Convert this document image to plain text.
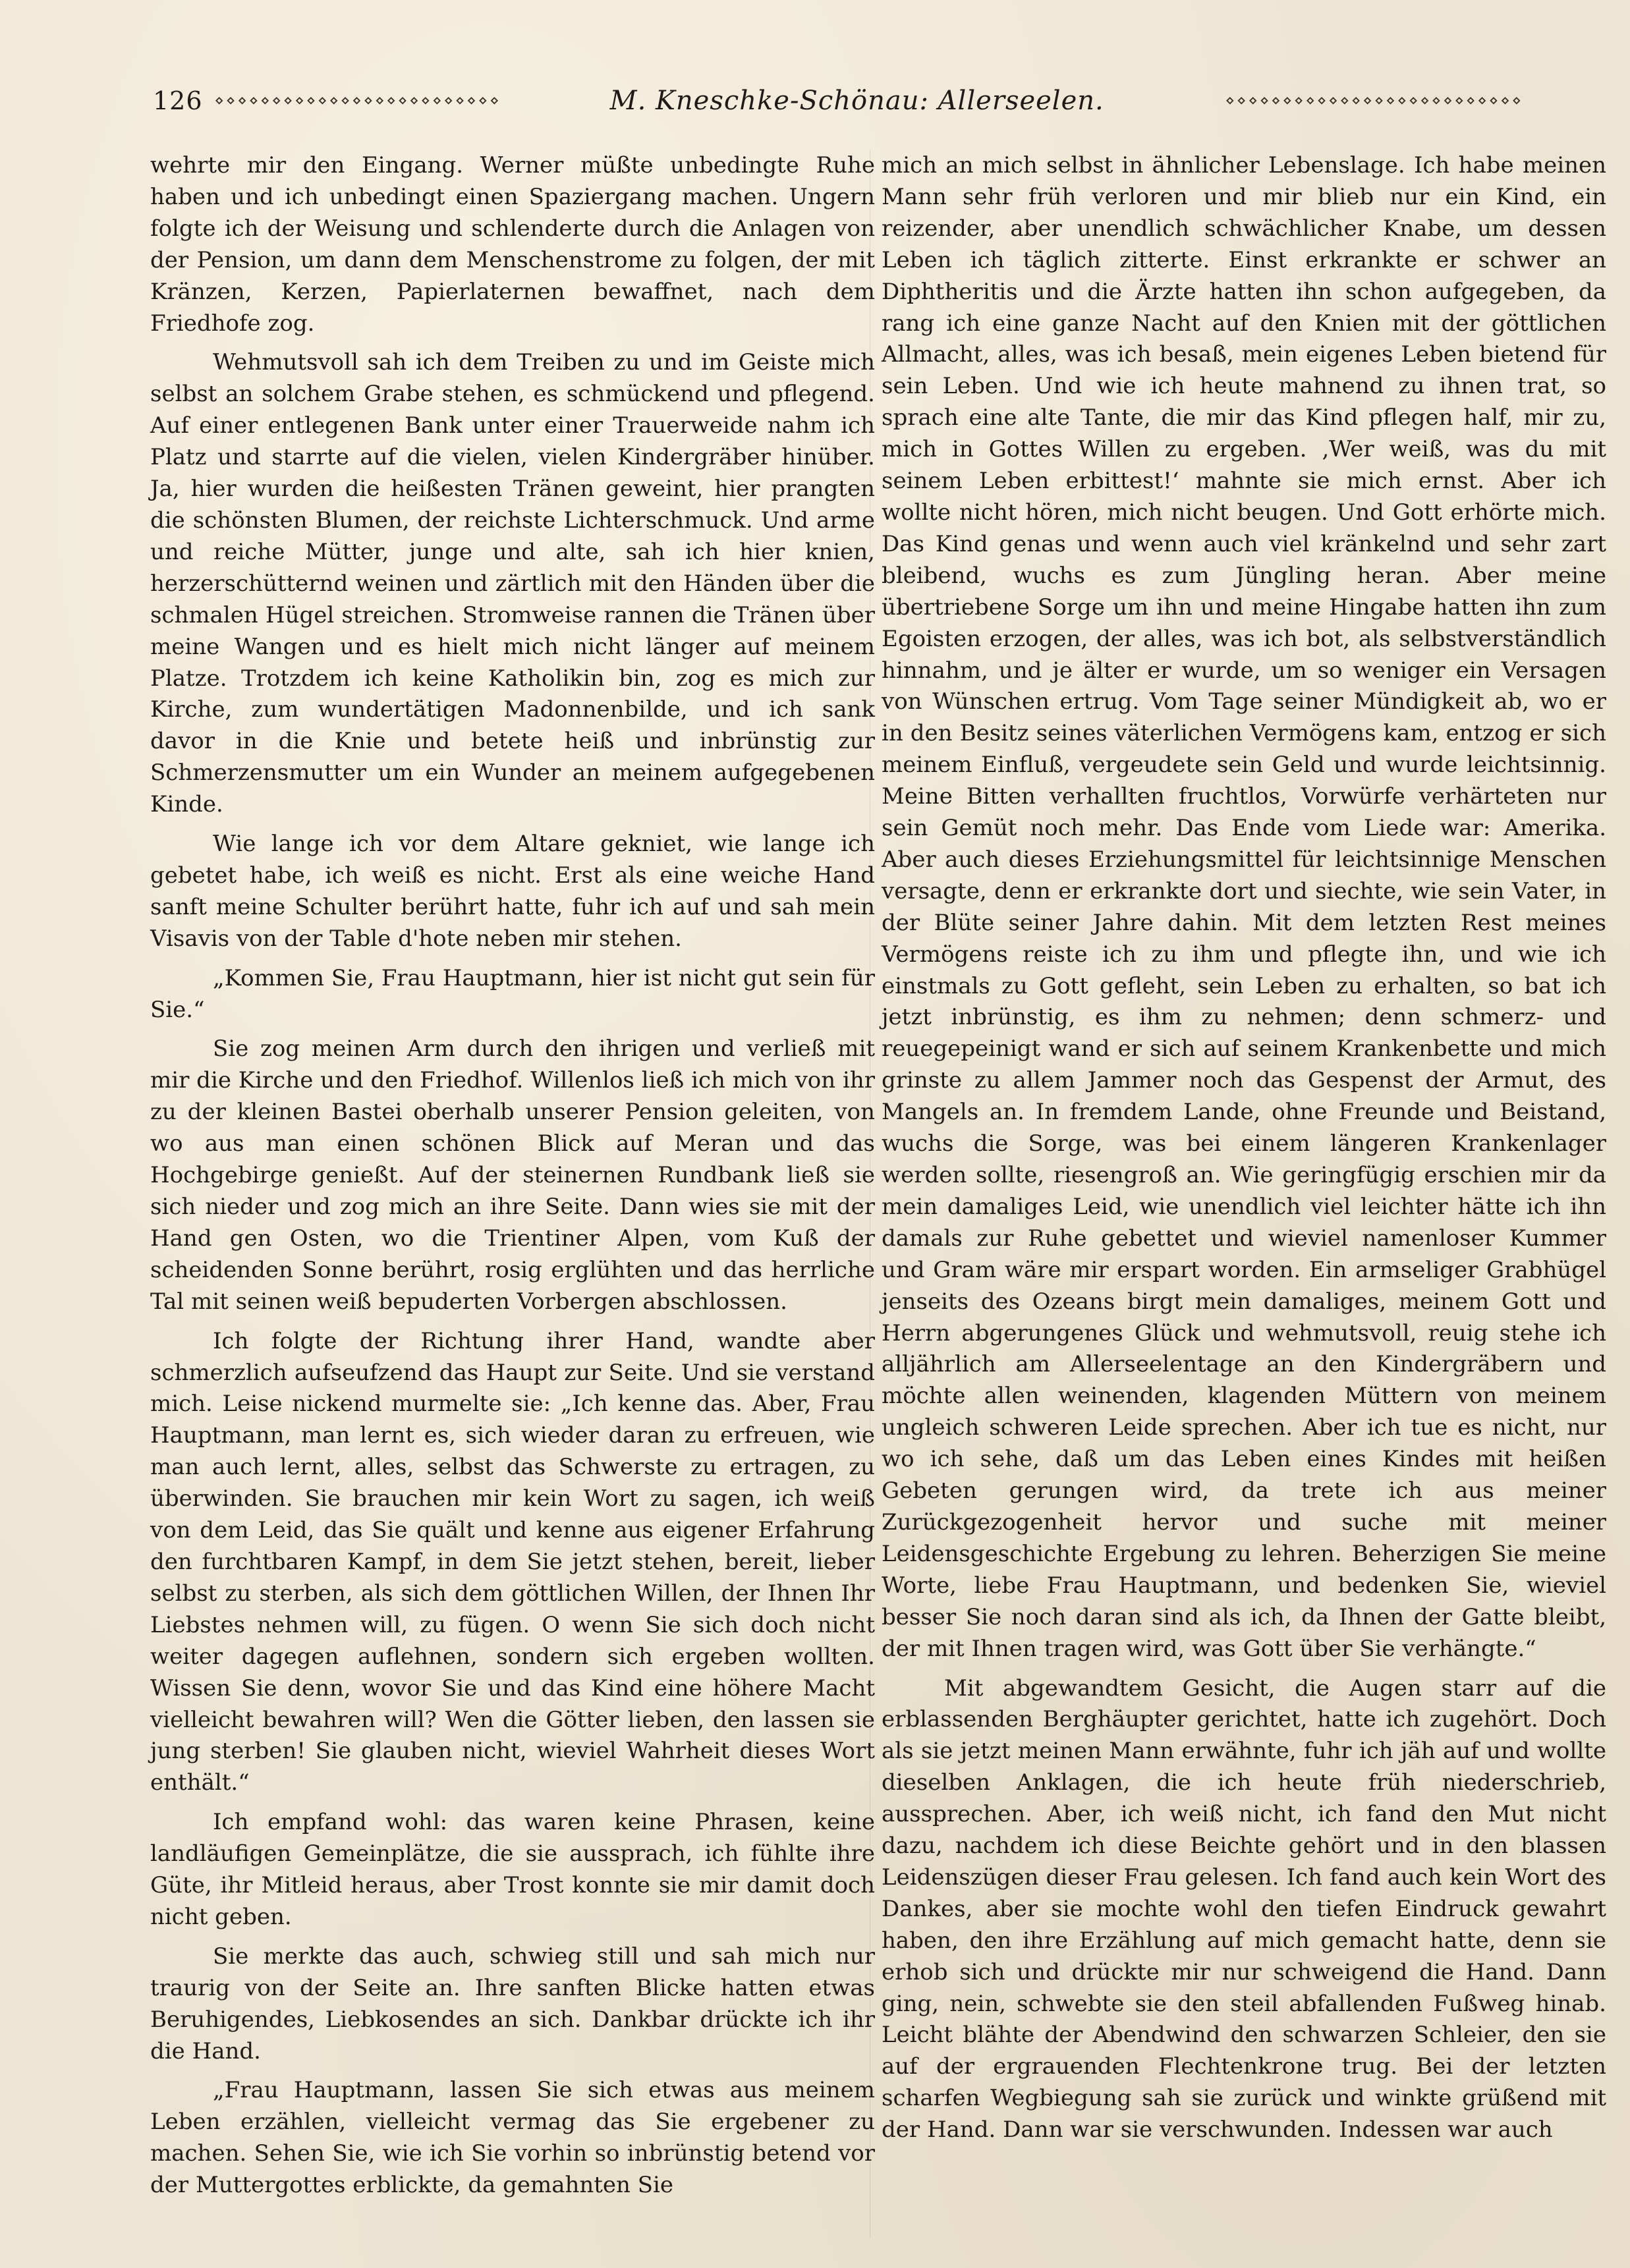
126 ⋄⋄⋄⋄⋄⋄⋄⋄⋄⋄⋄⋄⋄⋄⋄⋄⋄⋄⋄⋄⋄⋄⋄⋄⋄	M. Kneschke-Schönau: Allerseelen.	⋄⋄⋄⋄⋄⋄⋄⋄⋄⋄⋄⋄⋄⋄⋄⋄⋄⋄⋄⋄⋄⋄⋄⋄⋄⋄

wehrte mir den Eingang. Werner müßte unbedingte Ruhe haben und ich unbedingt einen Spaziergang machen. Ungern folgte ich der Weisung und schlenderte durch die Anlagen von der Pension, um dann dem Menschenstrome zu folgen, der mit Kränzen, Kerzen, Papierlaternen bewaffnet, nach dem Friedhofe zog.

Wehmutsvoll sah ich dem Treiben zu und im Geiste mich selbst an solchem Grabe stehen, es schmückend und pflegend. Auf einer entlegenen Bank unter einer Trauerweide nahm ich Platz und starrte auf die vielen, vielen Kindergräber hinüber. Ja, hier wurden die heißesten Tränen geweint, hier prangten die schönsten Blumen, der reichste Lichterschmuck. Und arme und reiche Mütter, junge und alte, sah ich hier knien, herzerschütternd weinen und zärtlich mit den Händen über die schmalen Hügel streichen. Stromweise rannen die Tränen über meine Wangen und es hielt mich nicht länger auf meinem Platze. Trotzdem ich keine Katholikin bin, zog es mich zur Kirche, zum wundertätigen Madonnenbilde, und ich sank davor in die Knie und betete heiß und inbrünstig zur Schmerzensmutter um ein Wunder an meinem aufgegebenen Kinde.

Wie lange ich vor dem Altare gekniet, wie lange ich gebetet habe, ich weiß es nicht. Erst als eine weiche Hand sanft meine Schulter berührt hatte, fuhr ich auf und sah mein Visavis von der Table d'hote neben mir stehen.

„Kommen Sie, Frau Hauptmann, hier ist nicht gut sein für Sie.“

Sie zog meinen Arm durch den ihrigen und verließ mit mir die Kirche und den Friedhof. Willenlos ließ ich mich von ihr zu der kleinen Bastei oberhalb unserer Pension geleiten, von wo aus man einen schönen Blick auf Meran und das Hochgebirge genießt. Auf der steinernen Rundbank ließ sie sich nieder und zog mich an ihre Seite. Dann wies sie mit der Hand gen Osten, wo die Trientiner Alpen, vom Kuß der scheidenden Sonne berührt, rosig erglühten und das herrliche Tal mit seinen weiß bepuderten Vorbergen abschlossen.

Ich folgte der Richtung ihrer Hand, wandte aber schmerzlich aufseufzend das Haupt zur Seite. Und sie verstand mich. Leise nickend murmelte sie: „Ich kenne das. Aber, Frau Hauptmann, man lernt es, sich wieder daran zu erfreuen, wie man auch lernt, alles, selbst das Schwerste zu ertragen, zu überwinden. Sie brauchen mir kein Wort zu sagen, ich weiß von dem Leid, das Sie quält und kenne aus eigener Erfahrung den furchtbaren Kampf, in dem Sie jetzt stehen, bereit, lieber selbst zu sterben, als sich dem göttlichen Willen, der Ihnen Ihr Liebstes nehmen will, zu fügen. O wenn Sie sich doch nicht weiter dagegen auflehnen, sondern sich ergeben wollten. Wissen Sie denn, wovor Sie und das Kind eine höhere Macht vielleicht bewahren will? Wen die Götter lieben, den lassen sie jung sterben! Sie glauben nicht, wieviel Wahrheit dieses Wort enthält.“

Ich empfand wohl: das waren keine Phrasen, keine landläufigen Gemeinplätze, die sie aussprach, ich fühlte ihre Güte, ihr Mitleid heraus, aber Trost konnte sie mir damit doch nicht geben.

Sie merkte das auch, schwieg still und sah mich nur traurig von der Seite an. Ihre sanften Blicke hatten etwas Beruhigendes, Liebkosendes an sich. Dankbar drückte ich ihr die Hand.

„Frau Hauptmann, lassen Sie sich etwas aus meinem Leben erzählen, vielleicht vermag das Sie ergebener zu machen. Sehen Sie, wie ich Sie vorhin so inbrünstig betend vor der Muttergottes erblickte, da gemahnten Sie

mich an mich selbst in ähnlicher Lebenslage. Ich habe meinen Mann sehr früh verloren und mir blieb nur ein Kind, ein reizender, aber unendlich schwächlicher Knabe, um dessen Leben ich täglich zitterte. Einst erkrankte er schwer an Diphtheritis und die Ärzte hatten ihn schon aufgegeben, da rang ich eine ganze Nacht auf den Knien mit der göttlichen Allmacht, alles, was ich besaß, mein eigenes Leben bietend für sein Leben. Und wie ich heute mahnend zu ihnen trat, so sprach eine alte Tante, die mir das Kind pflegen half, mir zu, mich in Gottes Willen zu ergeben. ‚Wer weiß, was du mit seinem Leben erbittest!‘ mahnte sie mich ernst. Aber ich wollte nicht hören, mich nicht beugen. Und Gott erhörte mich. Das Kind genas und wenn auch viel kränkelnd und sehr zart bleibend, wuchs es zum Jüngling heran. Aber meine übertriebene Sorge um ihn und meine Hingabe hatten ihn zum Egoisten erzogen, der alles, was ich bot, als selbstverständlich hinnahm, und je älter er wurde, um so weniger ein Versagen von Wünschen ertrug. Vom Tage seiner Mündigkeit ab, wo er in den Besitz seines väterlichen Vermögens kam, entzog er sich meinem Einfluß, vergeudete sein Geld und wurde leichtsinnig. Meine Bitten verhallten fruchtlos, Vorwürfe verhärteten nur sein Gemüt noch mehr. Das Ende vom Liede war: Amerika. Aber auch dieses Erziehungsmittel für leichtsinnige Menschen versagte, denn er erkrankte dort und siechte, wie sein Vater, in der Blüte seiner Jahre dahin. Mit dem letzten Rest meines Vermögens reiste ich zu ihm und pflegte ihn, und wie ich einstmals zu Gott gefleht, sein Leben zu erhalten, so bat ich jetzt inbrünstig, es ihm zu nehmen; denn schmerz- und reuegepeinigt wand er sich auf seinem Krankenbette und mich grinste zu allem Jammer noch das Gespenst der Armut, des Mangels an. In fremdem Lande, ohne Freunde und Beistand, wuchs die Sorge, was bei einem längeren Krankenlager werden sollte, riesengroß an. Wie geringfügig erschien mir da mein damaliges Leid, wie unendlich viel leichter hätte ich ihn damals zur Ruhe gebettet und wieviel namenloser Kummer und Gram wäre mir erspart worden. Ein armseliger Grabhügel jenseits des Ozeans birgt mein damaliges, meinem Gott und Herrn abgerungenes Glück und wehmutsvoll, reuig stehe ich alljährlich am Allerseelentage an den Kindergräbern und möchte allen weinenden, klagenden Müttern von meinem ungleich schweren Leide sprechen. Aber ich tue es nicht, nur wo ich sehe, daß um das Leben eines Kindes mit heißen Gebeten gerungen wird, da trete ich aus meiner Zurückgezogenheit hervor und suche mit meiner Leidensgeschichte Ergebung zu lehren. Beherzigen Sie meine Worte, liebe Frau Hauptmann, und bedenken Sie, wieviel besser Sie noch daran sind als ich, da Ihnen der Gatte bleibt, der mit Ihnen tragen wird, was Gott über Sie verhängte.“

Mit abgewandtem Gesicht, die Augen starr auf die erblassenden Berghäupter gerichtet, hatte ich zugehört. Doch als sie jetzt meinen Mann erwähnte, fuhr ich jäh auf und wollte dieselben Anklagen, die ich heute früh niederschrieb, aussprechen. Aber, ich weiß nicht, ich fand den Mut nicht dazu, nachdem ich diese Beichte gehört und in den blassen Leidenszügen dieser Frau gelesen. Ich fand auch kein Wort des Dankes, aber sie mochte wohl den tiefen Eindruck gewahrt haben, den ihre Erzählung auf mich gemacht hatte, denn sie erhob sich und drückte mir nur schweigend die Hand. Dann ging, nein, schwebte sie den steil abfallenden Fußweg hinab. Leicht blähte der Abendwind den schwarzen Schleier, den sie auf der ergrauenden Flechtenkrone trug. Bei der letzten scharfen Wegbiegung sah sie zurück und winkte grüßend mit der Hand. Dann war sie verschwunden. Indessen war auch
